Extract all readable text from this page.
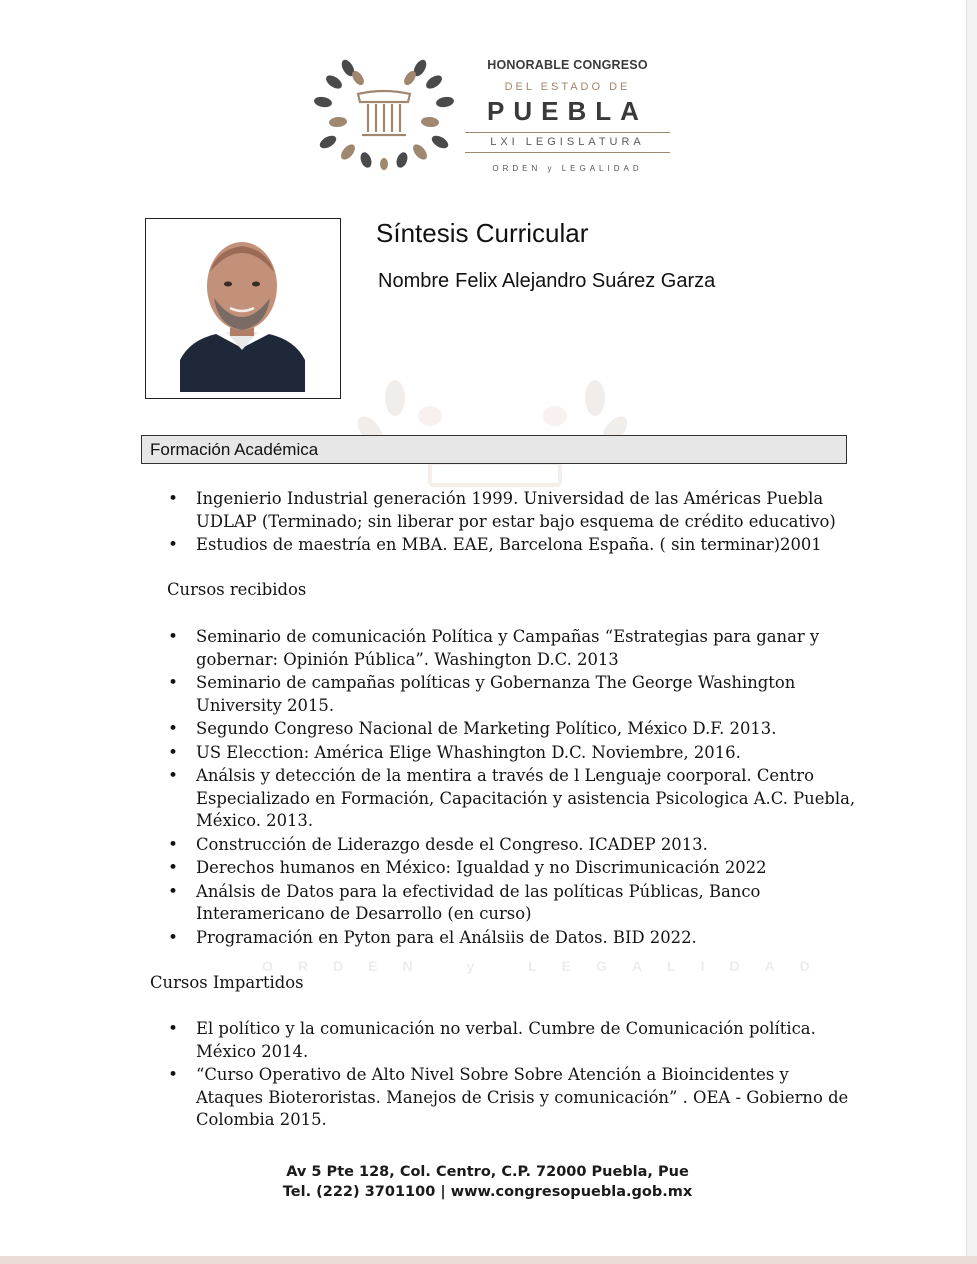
HONORABLE CONGRESO
DEL ESTADO DE
PUEBLA
LXI LEGISLATURA
ORDEN y LEGALIDAD
Síntesis Curricular
Nombre Felix Alejandro Suárez Garza
Formación Académica
• Ingenierio Industrial generación 1999. Universidad de las Américas Puebla UDLAP (Terminado; sin liberar por estar bajo esquema de crédito educativo)
• Estudios de maestría en MBA. EAE, Barcelona España. ( sin terminar)2001
Cursos recibidos
• Seminario de comunicación Política y Campañas “Estrategias para ganar y gobernar: Opinión Pública”. Washington D.C. 2013
• Seminario de campañas políticas y Gobernanza The George Washington University 2015.
• Segundo Congreso Nacional de Marketing Político, México D.F. 2013.
• US Elecction: América Elige Whashington D.C. Noviembre, 2016.
• Análsis y detección de la mentira a través de l Lenguaje coorporal. Centro Especializado en Formación, Capacitación y asistencia Psicologica A.C. Puebla, México. 2013.
• Construcción de Liderazgo desde el Congreso. ICADEP 2013.
• Derechos humanos en México: Igualdad y no Discrimunicación 2022
• Análsis de Datos para la efectividad de las políticas Públicas, Banco Interamericano de Desarrollo (en curso)
• Programación en Pyton para el Análsiis de Datos. BID 2022.
ORDEN y LEGALIDAD
Cursos Impartidos
• El político y la comunicación no verbal. Cumbre de Comunicación política. México 2014.
• “Curso Operativo de Alto Nivel Sobre Sobre Atención a Bioincidentes y Ataques Bioteroristas. Manejos de Crisis y comunicación” . OEA - Gobierno de Colombia 2015.
Av 5 Pte 128, Col. Centro, C.P. 72000 Puebla, Pue
Tel. (222) 3701100 | www.congresopuebla.gob.mx
